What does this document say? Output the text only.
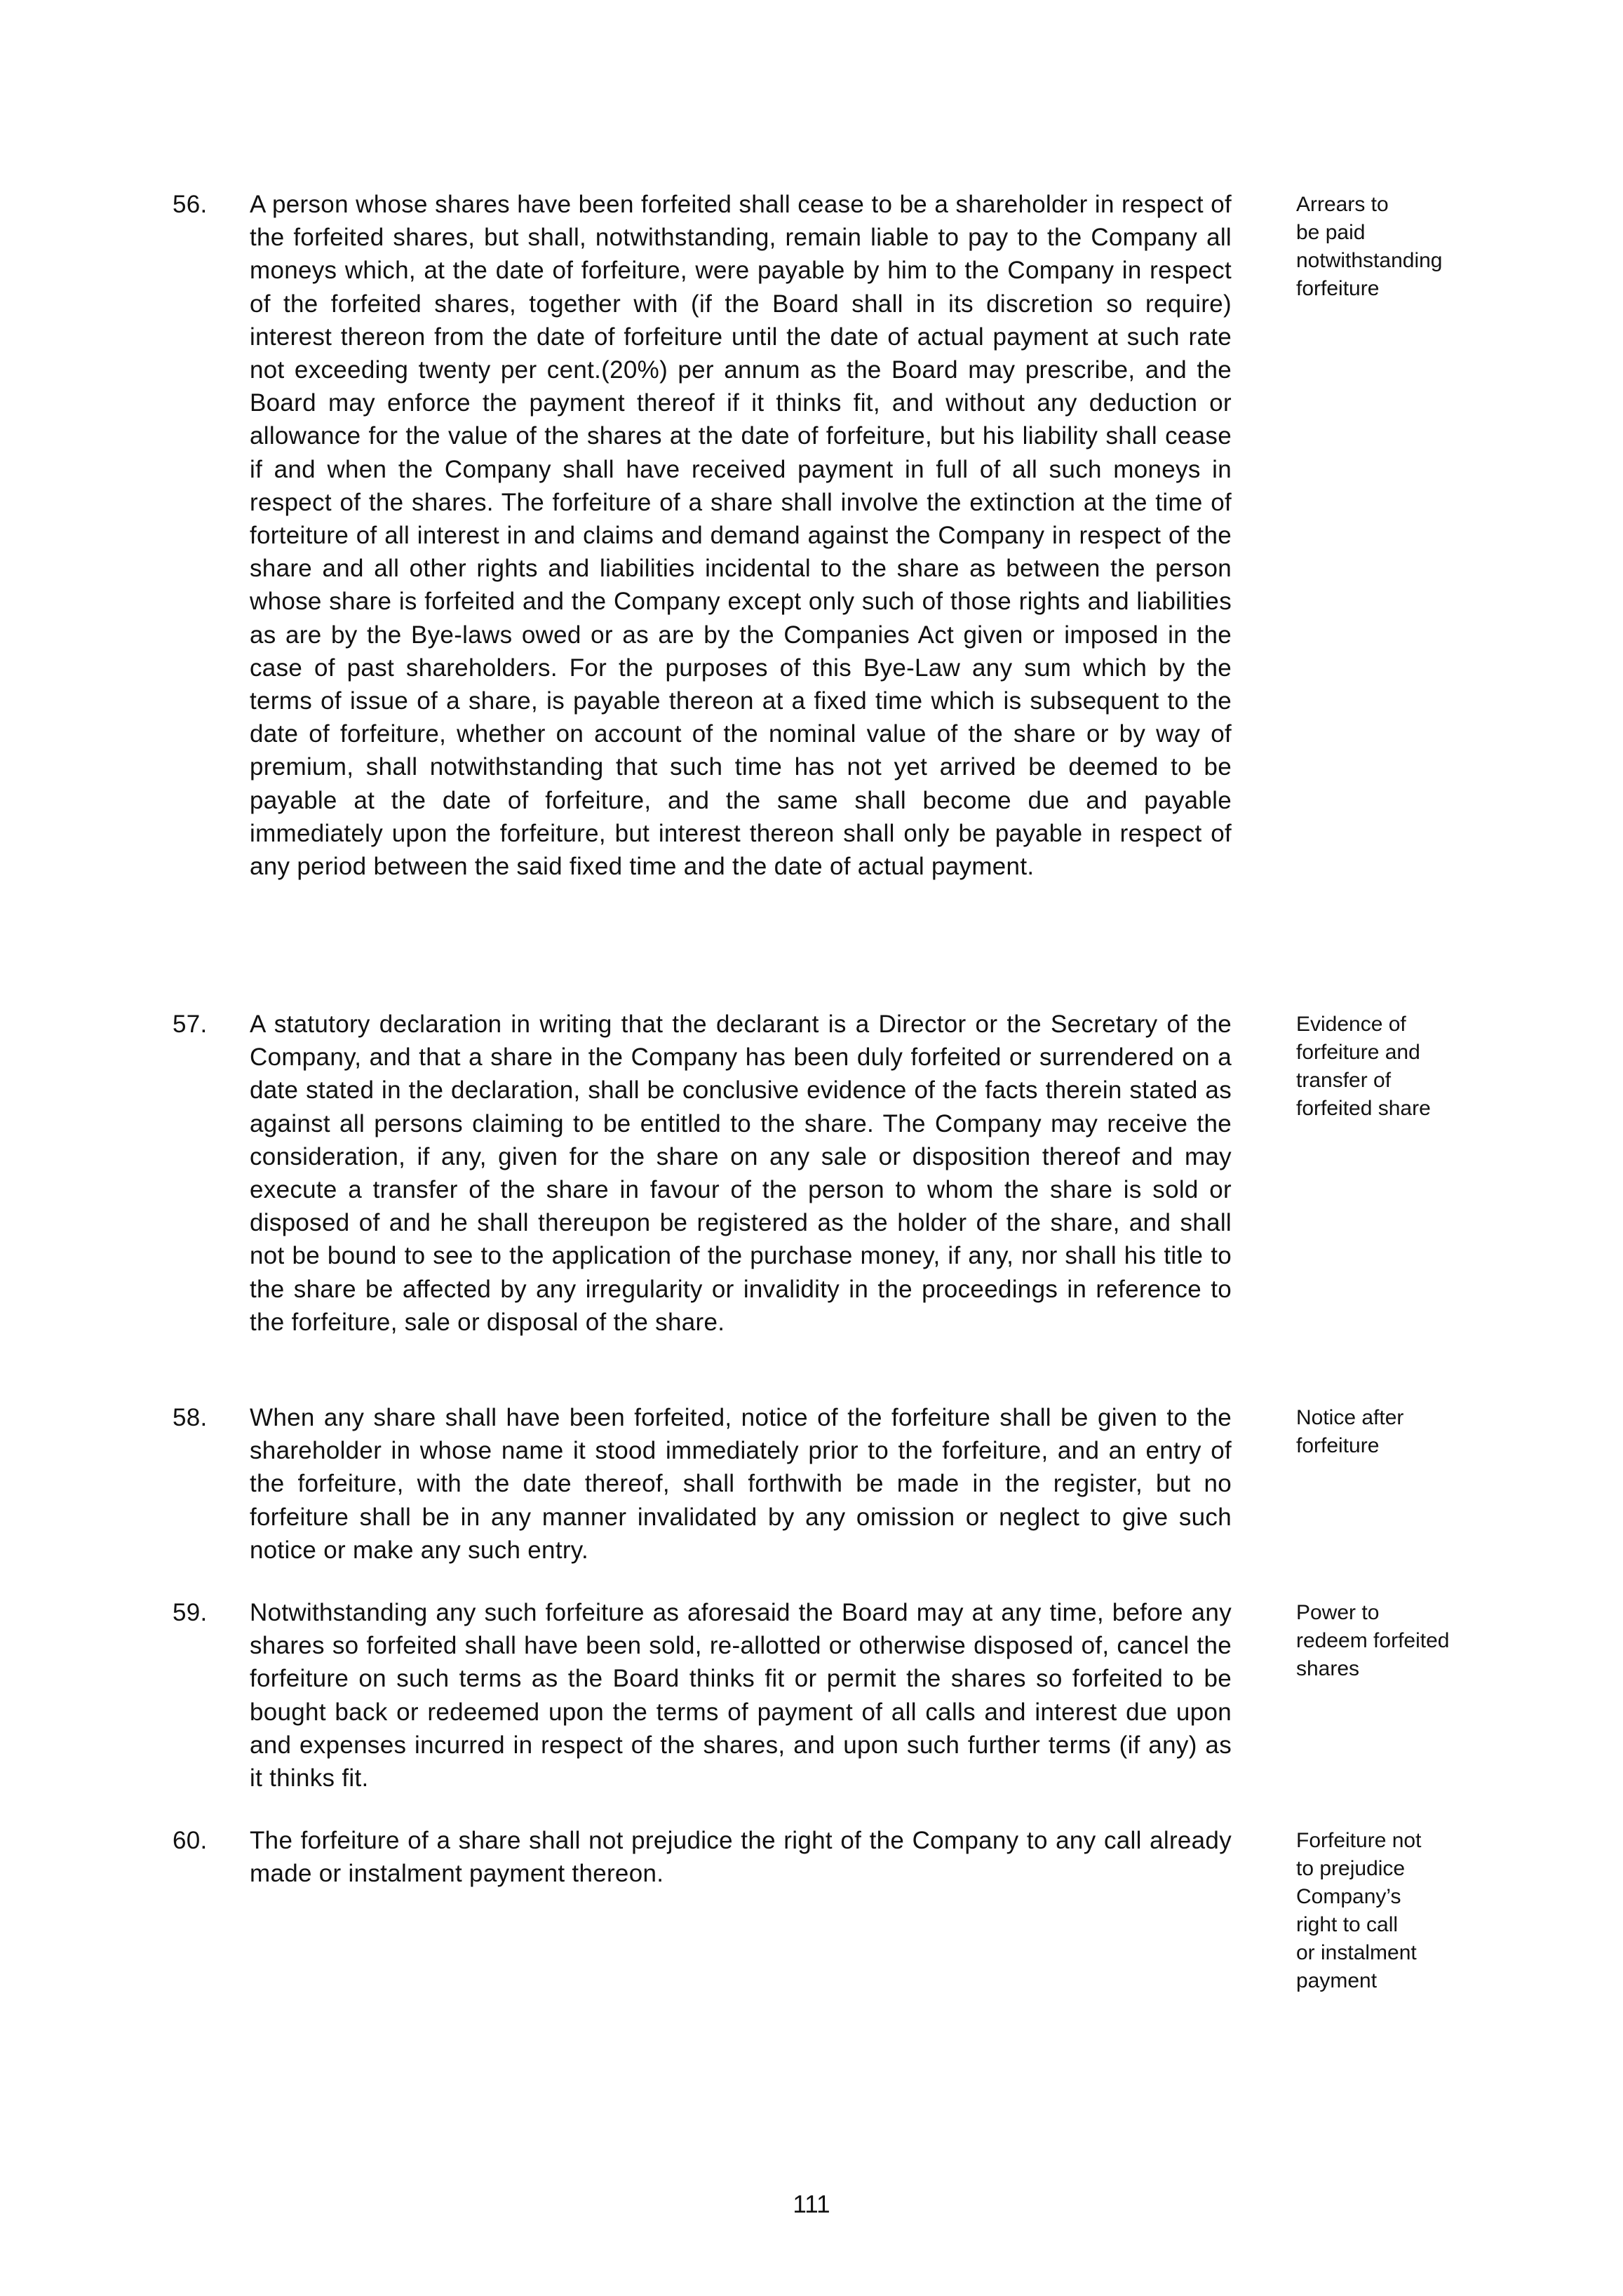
56. A person whose shares have been forfeited shall cease to be a shareholder in respect of the forfeited shares, but shall, notwithstanding, remain liable to pay to the Company all moneys which, at the date of forfeiture, were payable by him to the Company in respect of the forfeited shares, together with (if the Board shall in its discretion so require) interest thereon from the date of forfeiture until the date of actual payment at such rate not exceeding twenty per cent.(20%) per annum as the Board may prescribe, and the Board may enforce the payment thereof if it thinks fit, and without any deduction or allowance for the value of the shares at the date of forfeiture, but his liability shall cease if and when the Company shall have received payment in full of all such moneys in respect of the shares. The forfeiture of a share shall involve the extinction at the time of forteiture of all interest in and claims and demand against the Company in respect of the share and all other rights and liabilities incidental to the share as between the person whose share is forfeited and the Company except only such of those rights and liabilities as are by the Bye-laws owed or as are by the Companies Act given or imposed in the case of past shareholders. For the purposes of this Bye-Law any sum which by the terms of issue of a share, is payable thereon at a fixed time which is subsequent to the date of forfeiture, whether on account of the nominal value of the share or by way of premium, shall notwithstanding that such time has not yet arrived be deemed to be payable at the date of forfeiture, and the same shall become due and payable immediately upon the forfeiture, but interest thereon shall only be payable in respect of any period between the said fixed time and the date of actual payment.

Arrears to
be paid
notwithstanding
forfeiture

57. A statutory declaration in writing that the declarant is a Director or the Secretary of the Company, and that a share in the Company has been duly forfeited or surrendered on a date stated in the declaration, shall be conclusive evidence of the facts therein stated as against all persons claiming to be entitled to the share. The Company may receive the consideration, if any, given for the share on any sale or disposition thereof and may execute a transfer of the share in favour of the person to whom the share is sold or disposed of and he shall thereupon be registered as the holder of the share, and shall not be bound to see to the application of the purchase money, if any, nor shall his title to the share be affected by any irregularity or invalidity in the proceedings in reference to the forfeiture, sale or disposal of the share.

Evidence of
forfeiture and
transfer of
forfeited share

58. When any share shall have been forfeited, notice of the forfeiture shall be given to the shareholder in whose name it stood immediately prior to the forfeiture, and an entry of the forfeiture, with the date thereof, shall forthwith be made in the register, but no forfeiture shall be in any manner invalidated by any omission or neglect to give such notice or make any such entry.

Notice after
forfeiture

59. Notwithstanding any such forfeiture as aforesaid the Board may at any time, before any shares so forfeited shall have been sold, re-allotted or otherwise disposed of, cancel the forfeiture on such terms as the Board thinks fit or permit the shares so forfeited to be bought back or redeemed upon the terms of payment of all calls and interest due upon and expenses incurred in respect of the shares, and upon such further terms (if any) as it thinks fit.

Power to
redeem forfeited
shares

60. The forfeiture of a share shall not prejudice the right of the Company to any call already made or instalment payment thereon.

Forfeiture not
to prejudice
Company’s
right to call
or instalment
payment

111
